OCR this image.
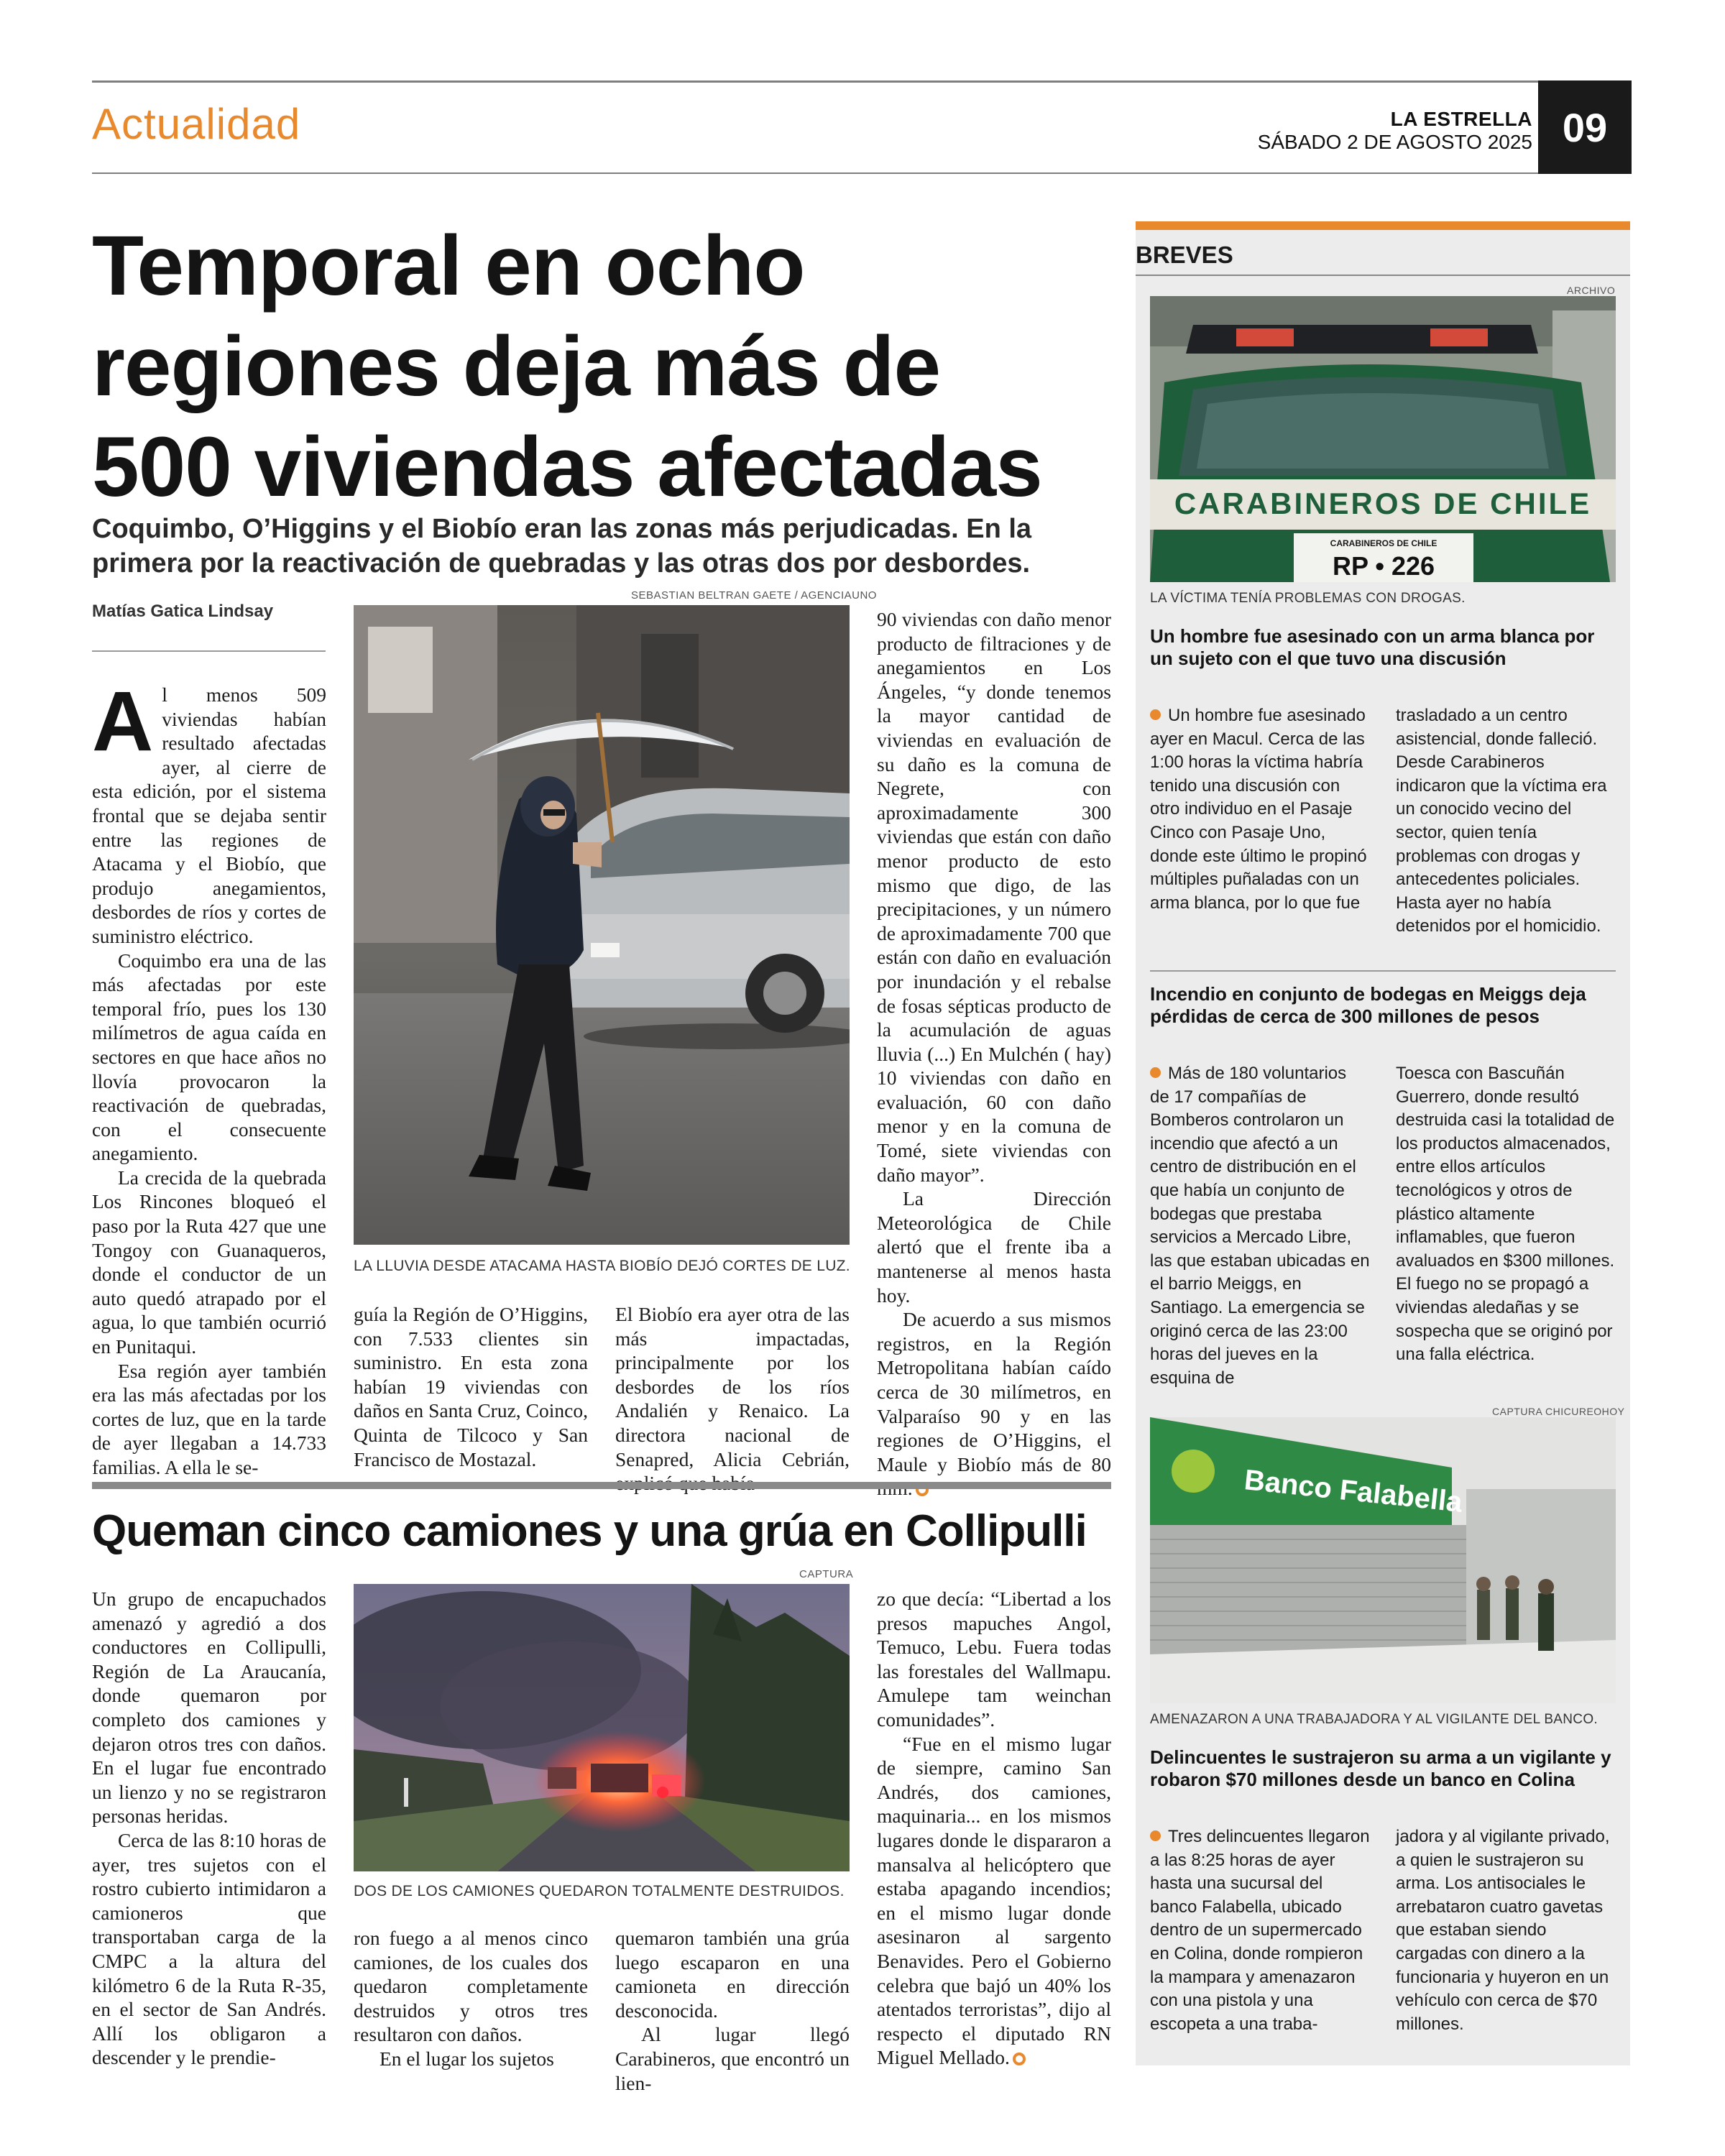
Actualidad	LA ESTRELLA
SÁBADO 2 DE AGOSTO 2025 09
Temporal en ocho regiones deja más de 500 viviendas afectadas
Coquimbo, O’Higgins y el Biobío eran las zonas más perjudicadas. En la primera por la reactivación de quebradas y las otras dos por desbordes.
Matías Gatica Lindsay

Al menos 509 viviendas habían resultado afectadas ayer, al cierre de esta edición, por el sistema frontal que se dejaba sentir entre las regiones de Atacama y el Biobío, que produjo anegamientos, desbordes de ríos y cortes de suministro eléctrico.

Coquimbo era una de las más afectadas por este temporal frío, pues los 130 milímetros de agua caída en sectores en que hace años no llovía provocaron la reactivación de quebradas, con el consecuente anegamiento.

La crecida de la quebrada Los Rincones bloqueó el paso por la Ruta 427 que une Tongoy con Guanaqueros, donde el conductor de un auto quedó atrapado por el agua, lo que también ocurrió en Punitaqui.

Esa región ayer también era las más afectadas por los cortes de luz, que en la tarde de ayer llegaban a 14.733 familias. A ella le se-

SEBASTIAN BELTRAN GAETE / AGENCIAUNO
LA LLUVIA DESDE ATACAMA HASTA BIOBÍO DEJÓ CORTES DE LUZ.

guía la Región de O’Higgins, con 7.533 clientes sin suministro. En esta zona habían 19 viviendas con daños en Santa Cruz, Coinco, Quinta de Tilcoco y San Francisco de Mostazal.

El Biobío era ayer otra de las más impactadas, principalmente por los desbordes de los ríos Andalién y Renaico. La directora nacional de Senapred, Alicia Cebrián,

90 viviendas con daño menor producto de filtraciones y de anegamientos en Los Ángeles, “y donde tenemos la mayor cantidad de viviendas en evaluación de su daño es la comuna de Negrete, con aproximadamente 300 viviendas que están con daño menor producto de esto mismo que digo, de las precipitaciones, y un número de aproximadamente 700 que están con daño en evaluación por inundación y el rebalse de fosas sépticas producto de la acumulación de aguas lluvia (...) En Mulchén ( hay) 10 viviendas con daño en evaluación, 60 con daño menor y en la comuna de Tomé, siete viviendas con daño mayor”.

La Dirección Meteorológica de Chile alertó que el frente iba a mantenerse al menos hasta hoy.

De acuerdo a sus mismos registros, en la Región Metropolitana habían caído cerca de 30 milímetros, en Valparaíso 90 y en las regiones de O’Higgins, el Maule y Biobío más de 80

Queman cinco camiones y una grúa en Collipulli

Un grupo de encapuchados amenazó y agredió a dos conductores en Collipulli, Región de La Araucanía, donde quemaron por completo dos camiones y dejaron otros tres con daños. En el lugar fue encontrado un lienzo y no se registraron personas heridas.

Cerca de las 8:10 horas de ayer, tres sujetos con el rostro cubierto intimidaron a camioneros que transportaban carga de la CMPC a la altura del kilómetro 6 de la Ruta R-35, en el sector de San Andrés. Allí los obligaron a descender y le prendie-

CAPTURA
DOS DE LOS CAMIONES QUEDARON TOTALMENTE DESTRUIDOS.

ron fuego a al menos cinco camiones, de los cuales dos quedaron completamente destruidos y otros tres resultaron con daños.

En el lugar los sujetos

quemaron también una grúa luego escaparon en una camioneta en dirección desconocida.

Al lugar llegó Carabineros, que encontró un lien-

zo que decía: “Libertad a los presos mapuches Angol, Temuco, Lebu. Fuera todas las forestales del Wallmapu. Amulepe tam weinchan comunidades”.

“Fue en el mismo lugar de siempre, camino San Andrés, dos camiones, maquinaria... en los mismos lugares donde le dispararon a mansalva al helicóptero que estaba apagando incendios; en el mismo lugar donde asesinaron al sargento Benavides. Pero el Gobierno celebra que bajó un 40% los atentados terroristas”, dijo al respecto el diputado RN Miguel Mellado.

BREVES
ARCHIVO
CARABINEROS DE CHILE
CARABINEROS DE CHILE
RP • 226
LA VÍCTIMA TENÍA PROBLEMAS CON DROGAS.
Un hombre fue asesinado con un arma blanca por un sujeto con el que tuvo una discusión
Un hombre fue asesinado ayer en Macul. Cerca de las 1:00 horas la víctima habría tenido una discusión con otro individuo en el Pasaje Cinco con Pasaje Uno, donde este último le propinó múltiples puñaladas con un arma blanca, por lo que fue
trasladado a un centro asistencial, donde falleció. Desde Carabineros indicaron que la víctima era un conocido vecino del sector, quien tenía problemas con drogas y antecedentes policiales. Hasta ayer no había detenidos por el homicidio.
Incendio en conjunto de bodegas en Meiggs deja pérdidas de cerca de 300 millones de pesos
Más de 180 voluntarios de 17 compañías de Bomberos controlaron un incendio que afectó a un centro de distribución en el que había un conjunto de bodegas que prestaba servicios a Mercado Libre, las que estaban ubicadas en el barrio Meiggs, en Santiago. La emergencia se originó cerca de las 23:00 horas del jueves en la esquina de
Toesca con Bascuñán Guerrero, donde resultó destruida casi la totalidad de los productos almacenados, entre ellos artículos tecnológicos y otros de plástico altamente inflamables, que fueron avaluados en $300 millones. El fuego no se propagó a viviendas aledañas y se sospecha que se originó por una falla eléctrica.
CAPTURA CHICUREOHOY
Banco Falabella
AMENAZARON A UNA TRABAJADORA Y AL VIGILANTE DEL BANCO.
Delincuentes le sustrajeron su arma a un vigilante y robaron $70 millones desde un banco en Colina
Tres delincuentes llegaron a las 8:25 horas de ayer hasta una sucursal del banco Falabella, ubicado dentro de un supermercado en Colina, donde rompieron la mampara y amenazaron con una pistola y una escopeta a una traba-
jadora y al vigilante privado, a quien le sustrajeron su arma. Los antisociales le arrebataron cuatro gavetas que estaban siendo cargadas con dinero a la funcionaria y huyeron en un vehículo con cerca de $70 millones.
